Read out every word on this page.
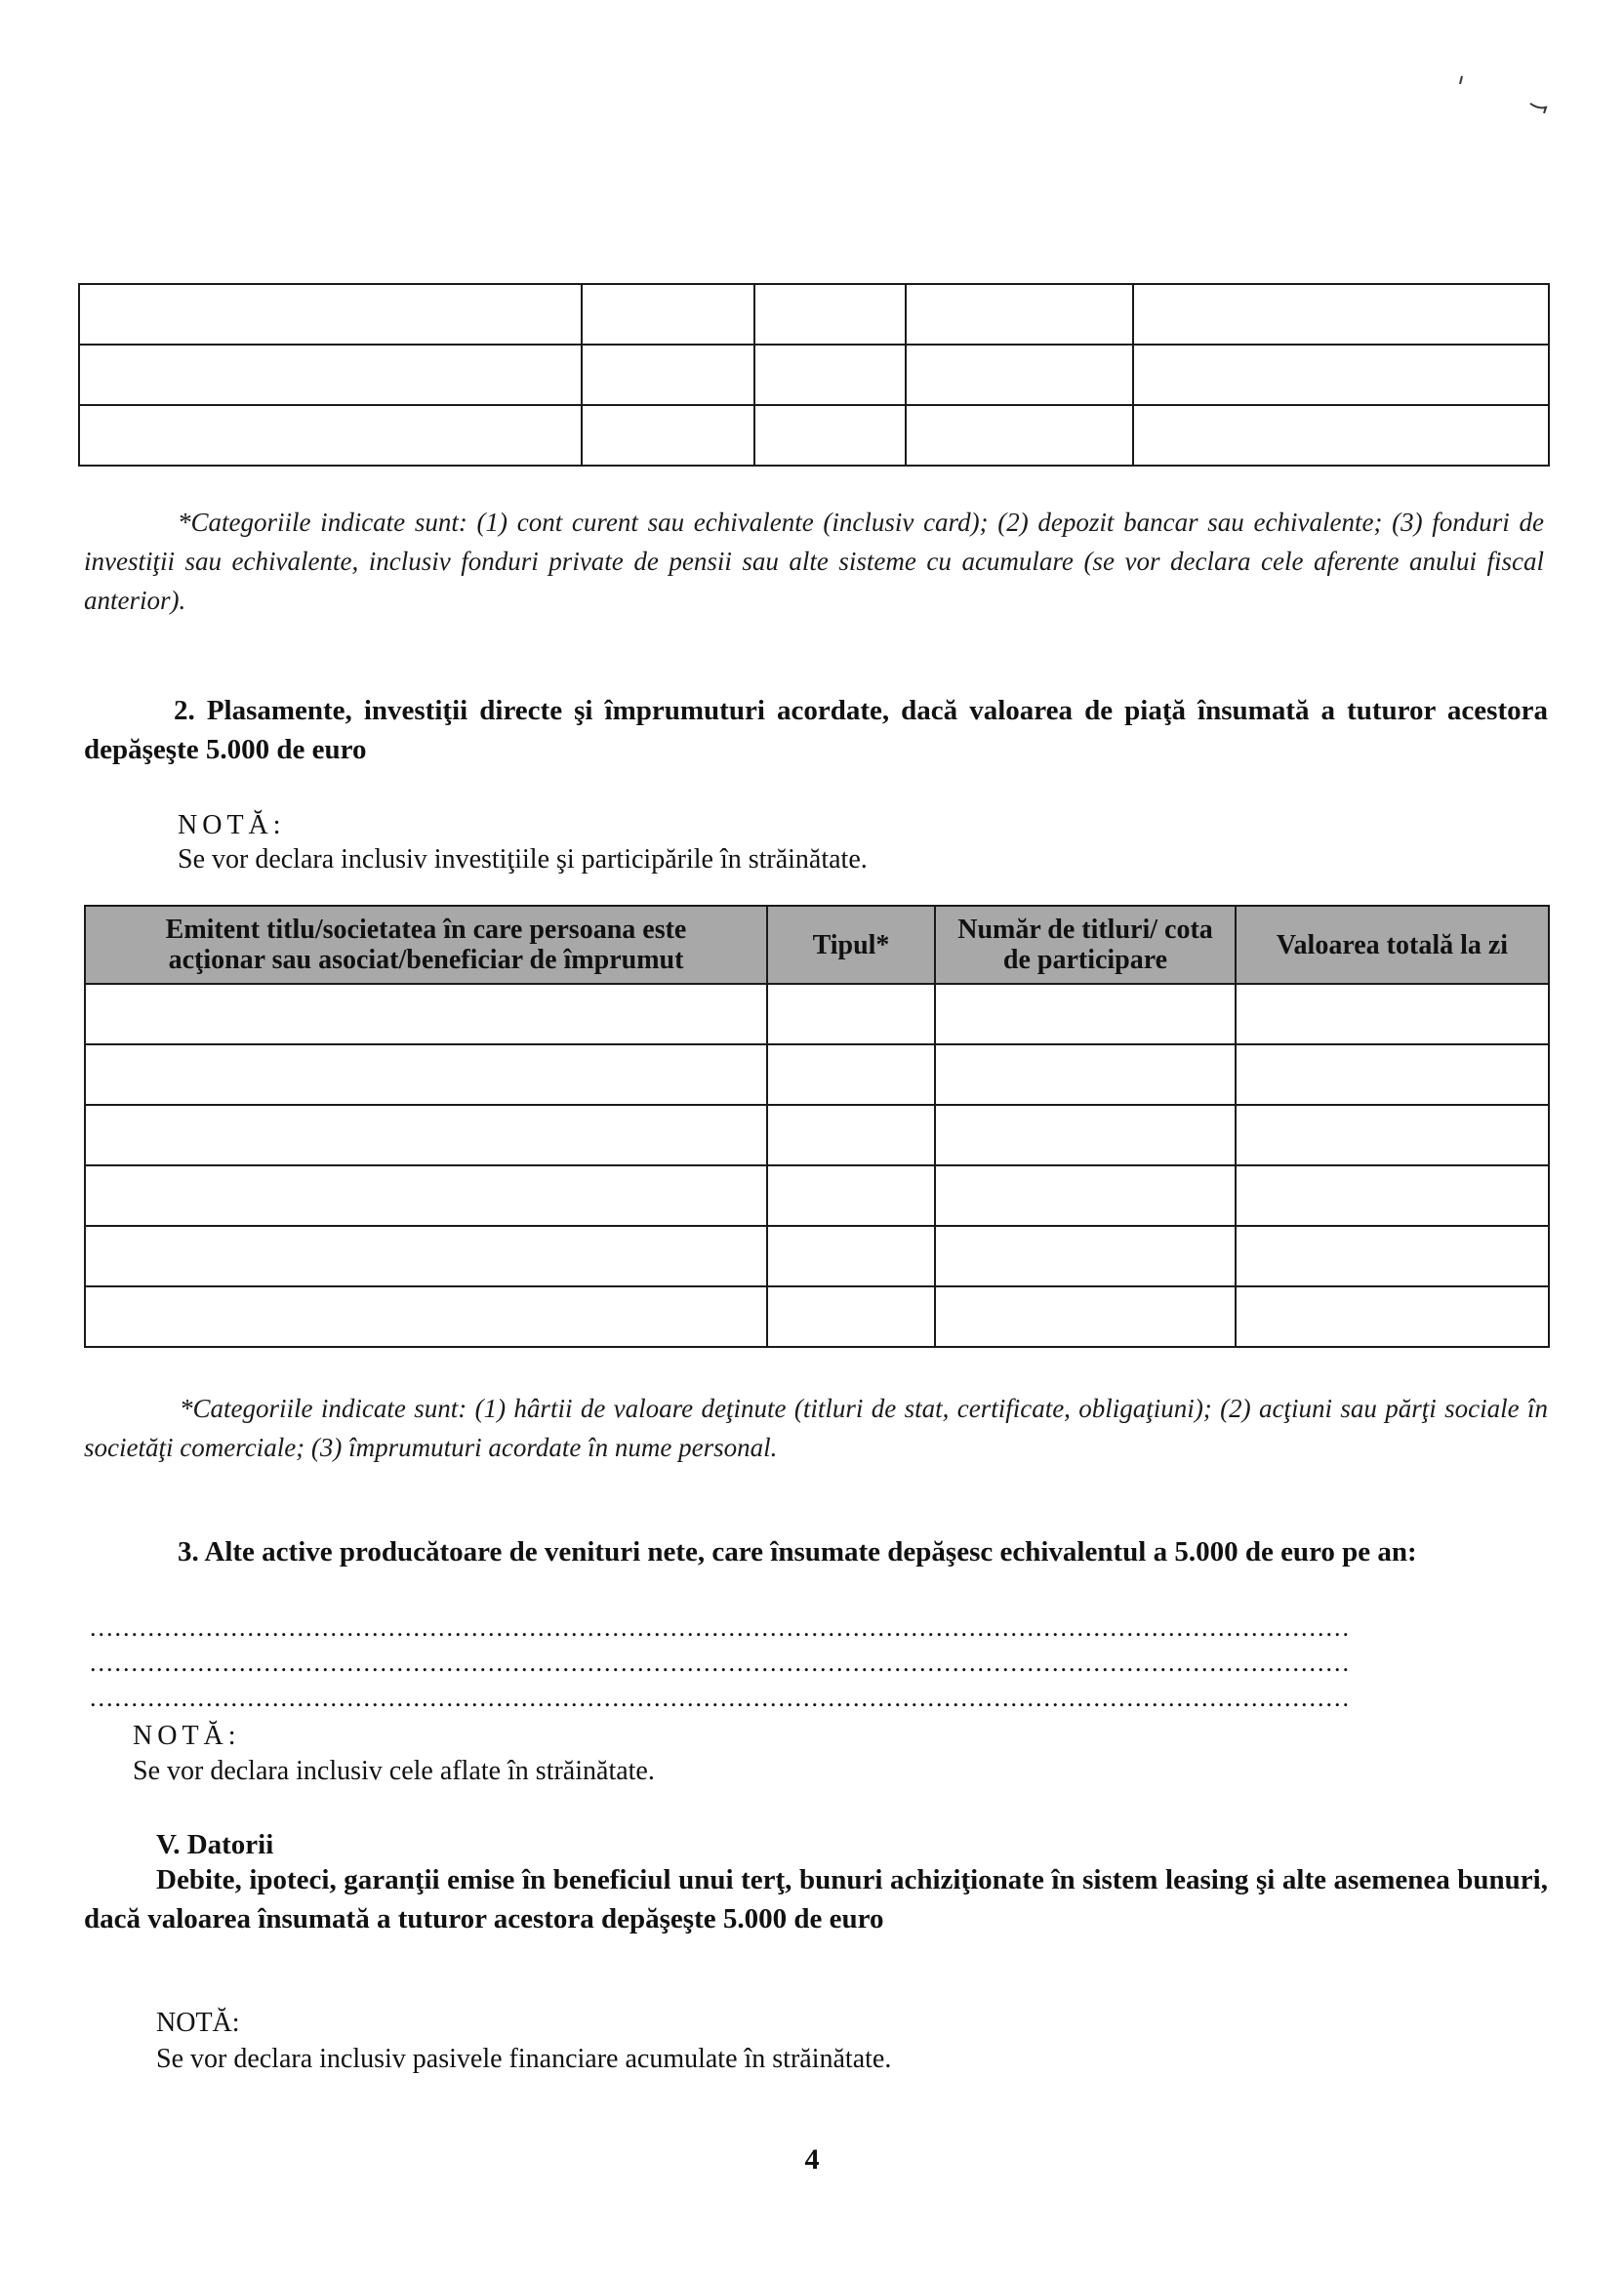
*Categoriile indicate sunt: (1) cont curent sau echivalente (inclusiv card); (2) depozit bancar sau echivalente; (3) fonduri de investiţii sau echivalente, inclusiv fonduri private de pensii sau alte sisteme cu acumulare (se vor declara cele aferente anului fiscal anterior).
2. Plasamente, investiţii directe şi împrumuturi acordate, dacă valoarea de piaţă însumată a tuturor acestora depăşeşte 5.000 de euro
NOTĂ:
Se vor declara inclusiv investiţiile şi participările în străinătate.
Emitent titlu/societatea în care persoana este acţionar sau asociat/beneficiar de împrumut	Tipul*	Număr de titluri/ cota de participare	Valoarea totală la zi

*Categoriile indicate sunt: (1) hârtii de valoare deţinute (titluri de stat, certificate, obligaţiuni); (2) acţiuni sau părţi sociale în societăţi comerciale; (3) împrumuturi acordate în nume personal.
3. Alte active producătoare de venituri nete, care însumate depăşesc echivalentul a 5.000 de euro pe an:
........................................................................................................................................................
........................................................................................................................................................
........................................................................................................................................................
NOTĂ:
Se vor declara inclusiv cele aflate în străinătate.
V. Datorii
Debite, ipoteci, garanţii emise în beneficiul unui terţ, bunuri achiziţionate în sistem leasing şi alte asemenea bunuri, dacă valoarea însumată a tuturor acestora depăşeşte 5.000 de euro
NOTĂ:
Se vor declara inclusiv pasivele financiare acumulate în străinătate.
4
